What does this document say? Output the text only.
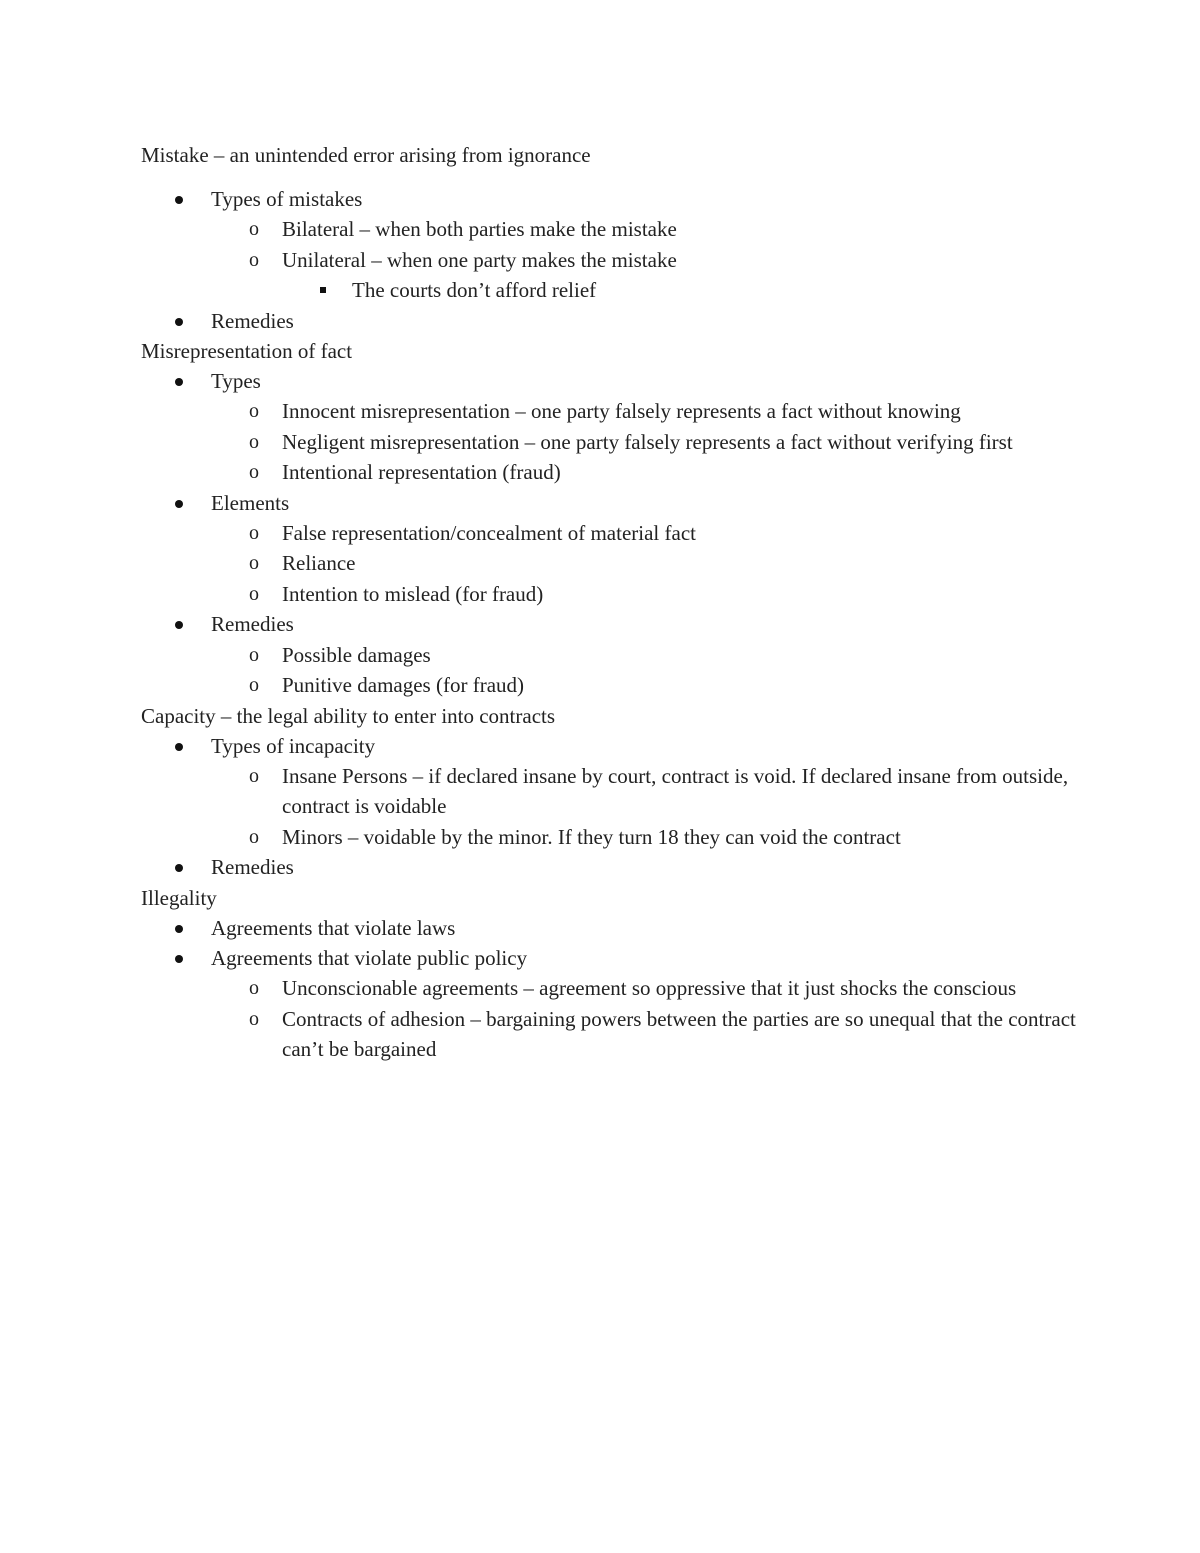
Mistake – an unintended error arising from ignorance
Types of mistakes
o Bilateral – when both parties make the mistake
o Unilateral – when one party makes the mistake
The courts don’t afford relief
Remedies
Misrepresentation of fact
Types
o Innocent misrepresentation – one party falsely represents a fact without knowing
o Negligent misrepresentation – one party falsely represents a fact without verifying first
o Intentional representation (fraud)
Elements
o False representation/concealment of material fact
o Reliance
o Intention to mislead (for fraud)
Remedies
o Possible damages
o Punitive damages (for fraud)
Capacity – the legal ability to enter into contracts
Types of incapacity
o Insane Persons – if declared insane by court, contract is void. If declared insane from outside, contract is voidable
o Minors – voidable by the minor. If they turn 18 they can void the contract
Remedies
Illegality
Agreements that violate laws
Agreements that violate public policy
o Unconscionable agreements – agreement so oppressive that it just shocks the conscious
o Contracts of adhesion – bargaining powers between the parties are so unequal that the contract can’t be bargained
